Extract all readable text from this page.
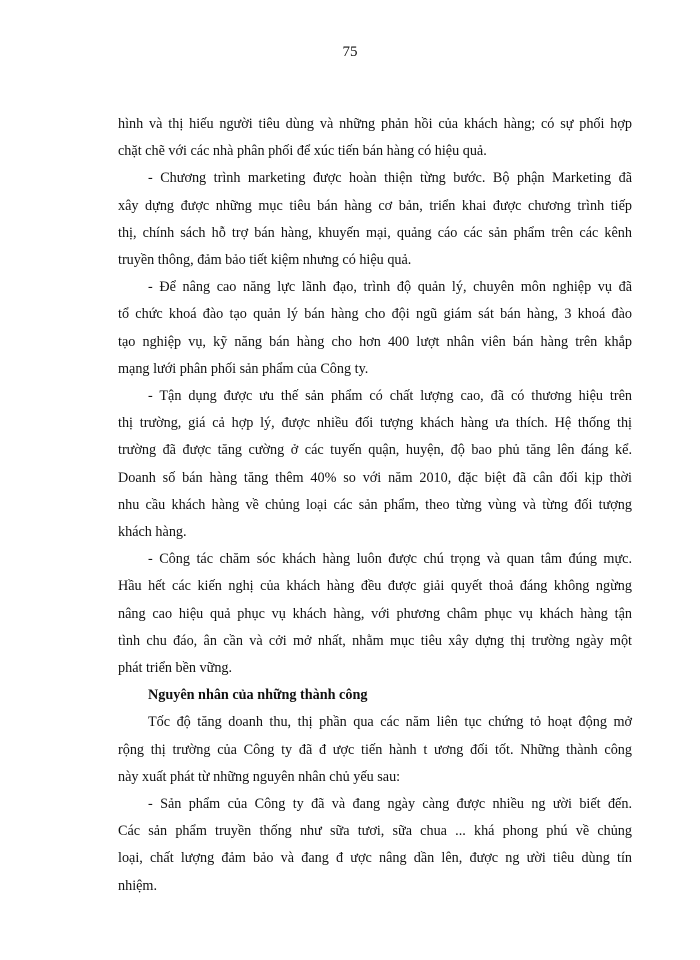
75
hình và thị hiếu người tiêu dùng và những phản hồi của khách hàng; có sự phối hợp
chặt chẽ với các nhà phân phối để xúc tiến bán hàng có hiệu quả.
- Chương trình marketing được hoàn thiện từng bước. Bộ phận Marketing đã
xây dựng được những mục tiêu bán hàng cơ bản, triển khai được chương trình tiếp
thị, chính sách hỗ trợ bán hàng, khuyến mại, quảng cáo các sản phẩm trên các kênh
truyền thông, đảm bảo tiết kiệm nhưng có hiệu quả.
- Để nâng cao năng lực lãnh đạo, trình độ quản lý, chuyên môn nghiệp vụ đã
tổ chức khoá đào tạo quản lý bán hàng cho đội ngũ giám sát bán hàng, 3 khoá đào
tạo nghiệp vụ, kỹ năng bán hàng cho hơn 400 lượt nhân viên bán hàng trên khắp
mạng lưới phân phối sản phẩm của Công ty.
- Tận dụng được ưu thế sản phẩm có chất lượng cao, đã có thương hiệu trên
thị trường, giá cả hợp lý, được nhiều đối tượng khách hàng ưa thích. Hệ thống thị
trường đã được tăng cường ở các tuyến quận, huyện, độ bao phủ tăng lên đáng kể.
Doanh số bán hàng tăng thêm 40% so với năm 2010, đặc biệt đã cân đối kịp thời
nhu cầu khách hàng về chủng loại các sản phẩm, theo từng vùng và từng đối tượng
khách hàng.
- Công tác chăm sóc khách hàng luôn được chú trọng và quan tâm đúng mực.
Hầu hết các kiến nghị của khách hàng đều được giải quyết thoả đáng không ngừng
nâng cao hiệu quả phục vụ khách hàng, với phương châm phục vụ khách hàng tận
tình chu đáo, ân cần và cởi mở nhất, nhằm mục tiêu xây dựng thị trường ngày một
phát triển bền vững.
Nguyên nhân của những thành công
Tốc độ tăng doanh thu, thị phần qua các năm liên tục chứng tỏ hoạt động mở
rộng thị trường của Công ty đã đ ược tiến hành t ương đối tốt. Những thành công
này xuất phát từ những nguyên nhân chủ yếu sau:
- Sản phẩm của Công ty đã và đang ngày càng được nhiều ng ười biết đến.
Các sản phẩm truyền thống như sữa tươi, sữa chua ... khá phong phú về chủng
loại, chất lượng đảm bảo và đang đ ược nâng dần lên, được ng ười tiêu dùng tín
nhiệm.
